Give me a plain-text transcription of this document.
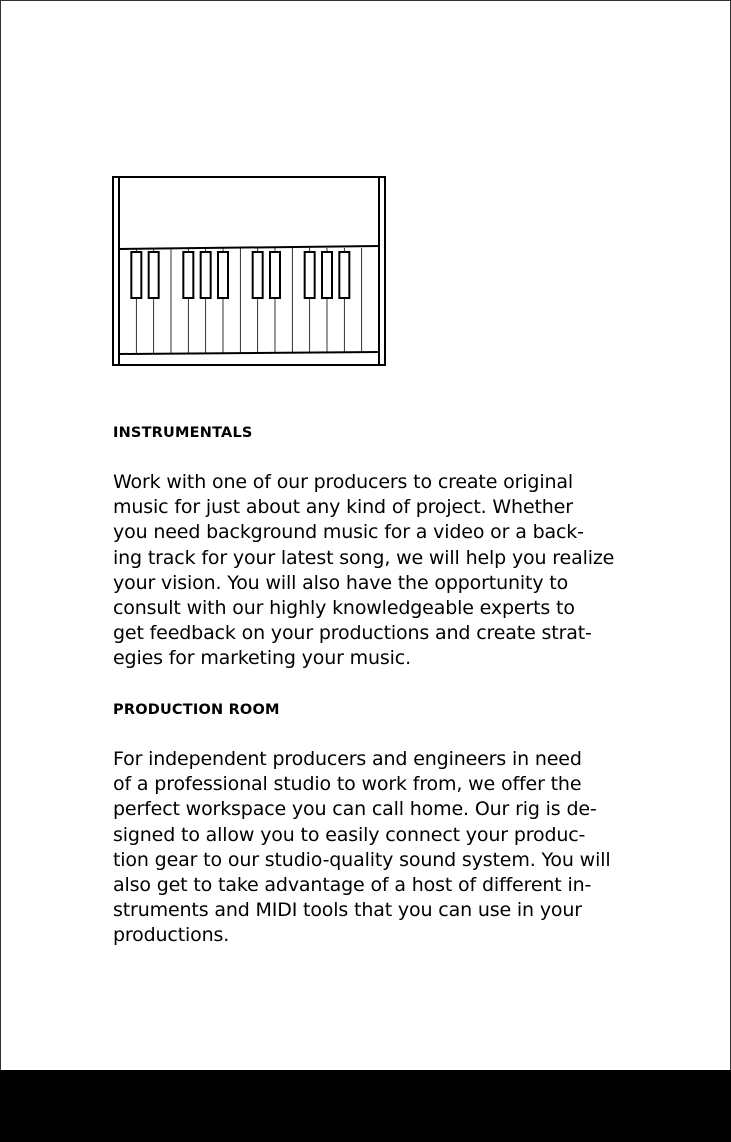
INSTRUMENTALS

Work with one of our producers to create original
music for just about any kind of project. Whether
you need background music for a video or a back-
ing track for your latest song, we will help you realize
your vision. You will also have the opportunity to
consult with our highly knowledgeable experts to
get feedback on your productions and create strat-
egies for marketing your music.

PRODUCTION ROOM

For independent producers and engineers in need
of a professional studio to work from, we offer the
perfect workspace you can call home. Our rig is de-
signed to allow you to easily connect your produc-
tion gear to our studio-quality sound system. You will
also get to take advantage of a host of different in-
struments and MIDI tools that you can use in your
productions.
